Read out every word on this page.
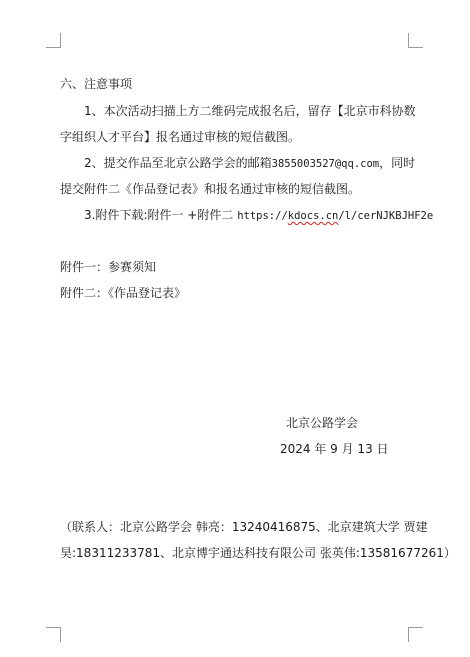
六、注意事项
1、本次活动扫描上方二维码完成报名后，留存【北京市科协数
字组织人才平台】报名通过审核的短信截图。
2、提交作品至北京公路学会的邮箱3855003527@qq.com，同时
提交附件二《作品登记表》和报名通过审核的短信截图。
3.附件下载:附件一 +附件二 https://kdocs.cn/l/cerNJKBJHF2e
附件一：参赛须知
附件二：《作品登记表》
北京公路学会
2024 年 9 月 13 日
（联系人：北京公路学会 韩亮：13240416875、北京建筑大学 贾建
昊:18311233781、北京博宇通达科技有限公司 张英伟:13581677261）
